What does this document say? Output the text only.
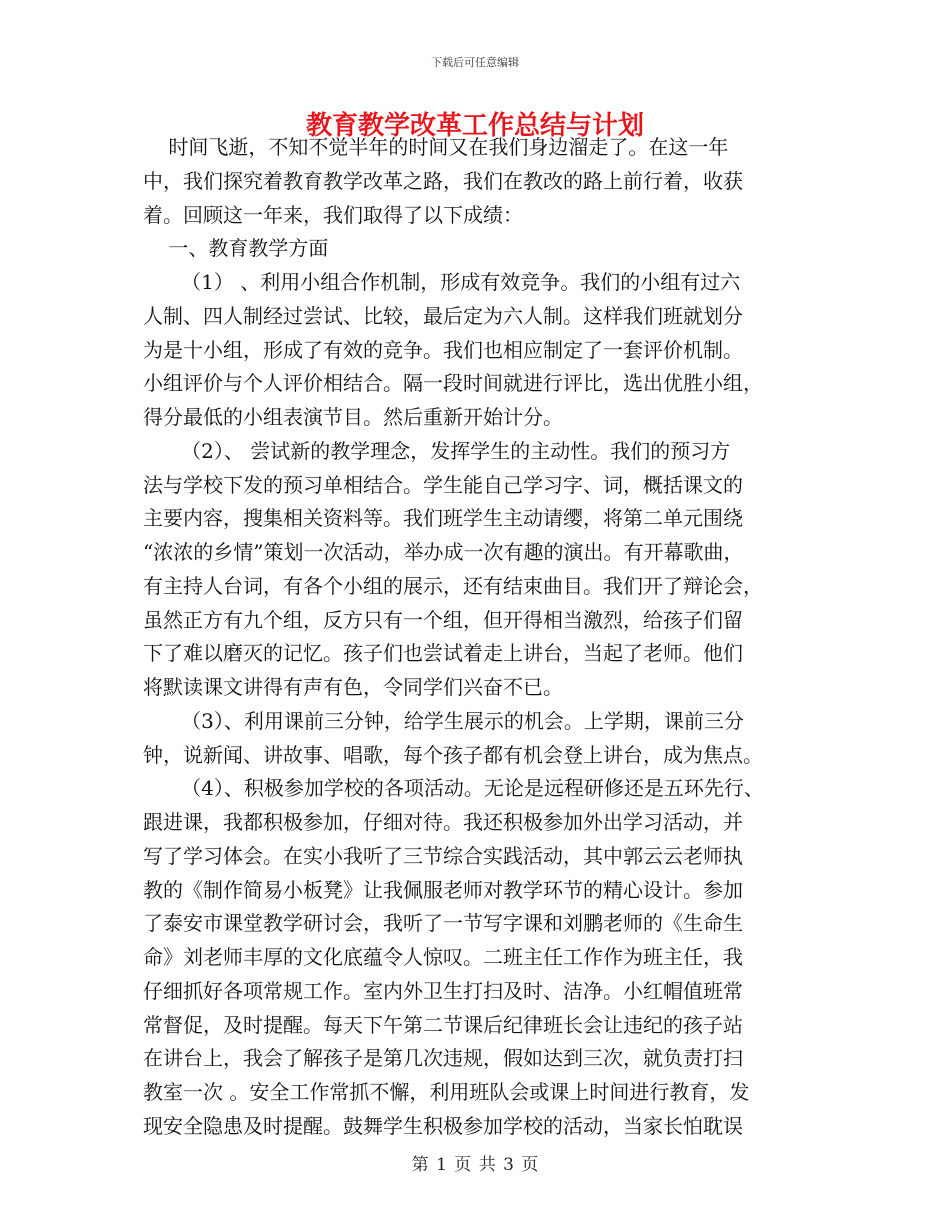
下载后可任意编辑
教育教学改革工作总结与计划
时间飞逝，不知不觉半年的时间又在我们身边溜走了。在这一年
中，我们探究着教育教学改革之路，我们在教改的路上前行着，收获
着。回顾这一年来，我们取得了以下成绩：
一、教育教学方面
（1） 、利用小组合作机制，形成有效竞争。我们的小组有过六
人制、四人制经过尝试、比较，最后定为六人制。这样我们班就划分
为是十小组，形成了有效的竞争。我们也相应制定了一套评价机制。
小组评价与个人评价相结合。隔一段时间就进行评比，选出优胜小组，
得分最低的小组表演节目。然后重新开始计分。
（2）、 尝试新的教学理念，发挥学生的主动性。我们的预习方
法与学校下发的预习单相结合。学生能自己学习字、词，概括课文的
主要内容，搜集相关资料等。我们班学生主动请缨，将第二单元围绕
“浓浓的乡情”策划一次活动，举办成一次有趣的演出。有开幕歌曲，
有主持人台词，有各个小组的展示，还有结束曲目。我们开了辩论会，
虽然正方有九个组，反方只有一个组，但开得相当激烈，给孩子们留
下了难以磨灭的记忆。孩子们也尝试着走上讲台，当起了老师。他们
将默读课文讲得有声有色，令同学们兴奋不已。
（3）、利用课前三分钟，给学生展示的机会。上学期，课前三分
钟，说新闻、讲故事、唱歌，每个孩子都有机会登上讲台，成为焦点。
（4）、积极参加学校的各项活动。无论是远程研修还是五环先行、
跟进课，我都积极参加，仔细对待。我还积极参加外出学习活动，并
写了学习体会。在实小我听了三节综合实践活动，其中郭云云老师执
教的《制作简易小板凳》让我佩服老师对教学环节的精心设计。参加
了泰安市课堂教学研讨会，我听了一节写字课和刘鹏老师的《生命生
命》刘老师丰厚的文化底蕴令人惊叹。二班主任工作作为班主任，我
仔细抓好各项常规工作。室内外卫生打扫及时、洁净。小红帽值班常
常督促，及时提醒。每天下午第二节课后纪律班长会让违纪的孩子站
在讲台上，我会了解孩子是第几次违规，假如达到三次，就负责打扫
教室一次 。安全工作常抓不懈，利用班队会或课上时间进行教育，发
现安全隐患及时提醒。鼓舞学生积极参加学校的活动，当家长怕耽误
第 1 页 共 3 页
